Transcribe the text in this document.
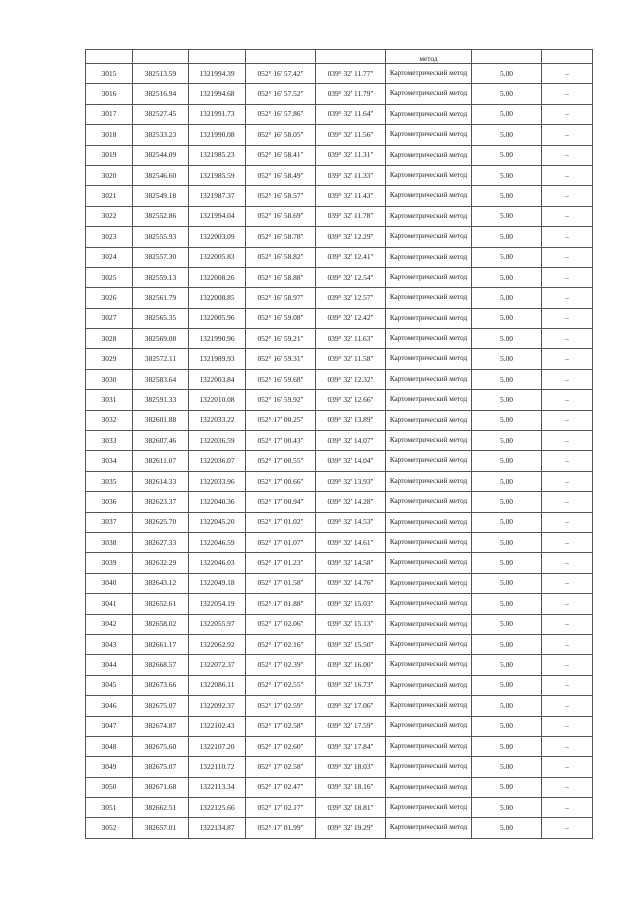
					метод		
3015	382513.59	1321994.39	052° 16' 57.42"	039° 32' 11.77"	Картометрический метод	5.00	–
3016	382516.94	1321994.68	052° 16' 57.52"	039° 32' 11.79"	Картометрический метод	5.00	–
3017	382527.45	1321991.73	052° 16' 57.86"	039° 32' 11.64"	Картометрический метод	5.00	–
3018	382533.23	1321990.08	052° 16' 58.05"	039° 32' 11.56"	Картометрический метод	5.00	–
3019	382544.09	1321985.23	052° 16' 58.41"	039° 32' 11.31"	Картометрический метод	5.00	–
3020	382546.60	1321985.59	052° 16' 58.49"	039° 32' 11.33"	Картометрический метод	5.00	–
3021	382549.18	1321987.37	052° 16' 58.57"	039° 32' 11.43"	Картометрический метод	5.00	–
3022	382552.86	1321994.04	052° 16' 58.69"	039° 32' 11.78"	Картометрический метод	5.00	–
3023	382555.93	1322003.09	052° 16' 58.78"	039° 32' 12.29"	Картометрический метод	5.00	–
3024	382557.30	1322005.83	052° 16' 58.82"	039° 32' 12.41"	Картометрический метод	5.00	–
3025	382559.13	1322008.26	052° 16' 58.88"	039° 32' 12.54"	Картометрический метод	5.00	–
3026	382561.79	1322008.85	052° 16' 58.97"	039° 32' 12.57"	Картометрический метод	5.00	–
3027	382565.35	1322005.96	052° 16' 59.08"	039° 32' 12.42"	Картометрический метод	5.00	–
3028	382569.08	1321990.96	052° 16' 59.21"	039° 32' 11.63"	Картометрический метод	5.00	–
3029	382572.11	1321989.93	052° 16' 59.31"	039° 32' 11.58"	Картометрический метод	5.00	–
3030	382583.64	1322003.84	052° 16' 59.68"	039° 32' 12.32"	Картометрический метод	5.00	–
3031	382591.33	1322010.08	052° 16' 59.92"	039° 32' 12.66"	Картометрический метод	5.00	–
3032	382601.88	1322033.22	052° 17' 00.25"	039° 32' 13.89"	Картометрический метод	5.00	–
3033	382607.46	1322036.59	052° 17' 00.43"	039° 32' 14.07"	Картометрический метод	5.00	–
3034	382611.07	1322036.07	052° 17' 00.55"	039° 32' 14.04"	Картометрический метод	5.00	–
3035	382614.33	1322033.96	052° 17' 00.66"	039° 32' 13.93"	Картометрический метод	5.00	–
3036	382623.37	1322040.36	052° 17' 00.94"	039° 32' 14.28"	Картометрический метод	5.00	–
3037	382625.70	1322045.20	052° 17' 01.02"	039° 32' 14.53"	Картометрический метод	5.00	–
3038	382627.33	1322046.59	052° 17' 01.07"	039° 32' 14.61"	Картометрический метод	5.00	–
3039	382632.29	1322046.03	052° 17' 01.23"	039° 32' 14.58"	Картометрический метод	5.00	–
3040	382643.12	1322049.18	052° 17' 01.58"	039° 32' 14.76"	Картометрический метод	5.00	–
3041	382652.61	1322054.19	052° 17' 01.88"	039° 32' 15.03"	Картометрический метод	5.00	–
3042	382658.02	1322055.97	052° 17' 02.06"	039° 32' 15.13"	Картометрический метод	5.00	–
3043	382661.17	1322062.92	052° 17' 02.16"	039° 32' 15.50"	Картометрический метод	5.00	–
3044	382668.57	1322072.37	052° 17' 02.39"	039° 32' 16.00"	Картометрический метод	5.00	–
3045	382673.66	1322086.11	052° 17' 02.55"	039° 32' 16.73"	Картометрический метод	5.00	–
3046	382675.07	1322092.37	052° 17' 02.59"	039° 32' 17.06"	Картометрический метод	5.00	–
3047	382674.87	1322102.43	052° 17' 02.58"	039° 32' 17.59"	Картометрический метод	5.00	–
3048	382675.60	1322107.20	052° 17' 02.60"	039° 32' 17.84"	Картометрический метод	5.00	–
3049	382675.07	1322110.72	052° 17' 02.58"	039° 32' 18.03"	Картометрический метод	5.00	–
3050	382671.68	1322113.34	052° 17' 02.47"	039° 32' 18.16"	Картометрический метод	5.00	–
3051	382662.51	1322125.66	052° 17' 02.17"	039° 32' 18.81"	Картометрический метод	5.00	–
3052	382657.01	1322134.87	052° 17' 01.99"	039° 32' 19.29"	Картометрический метод	5.00	–
